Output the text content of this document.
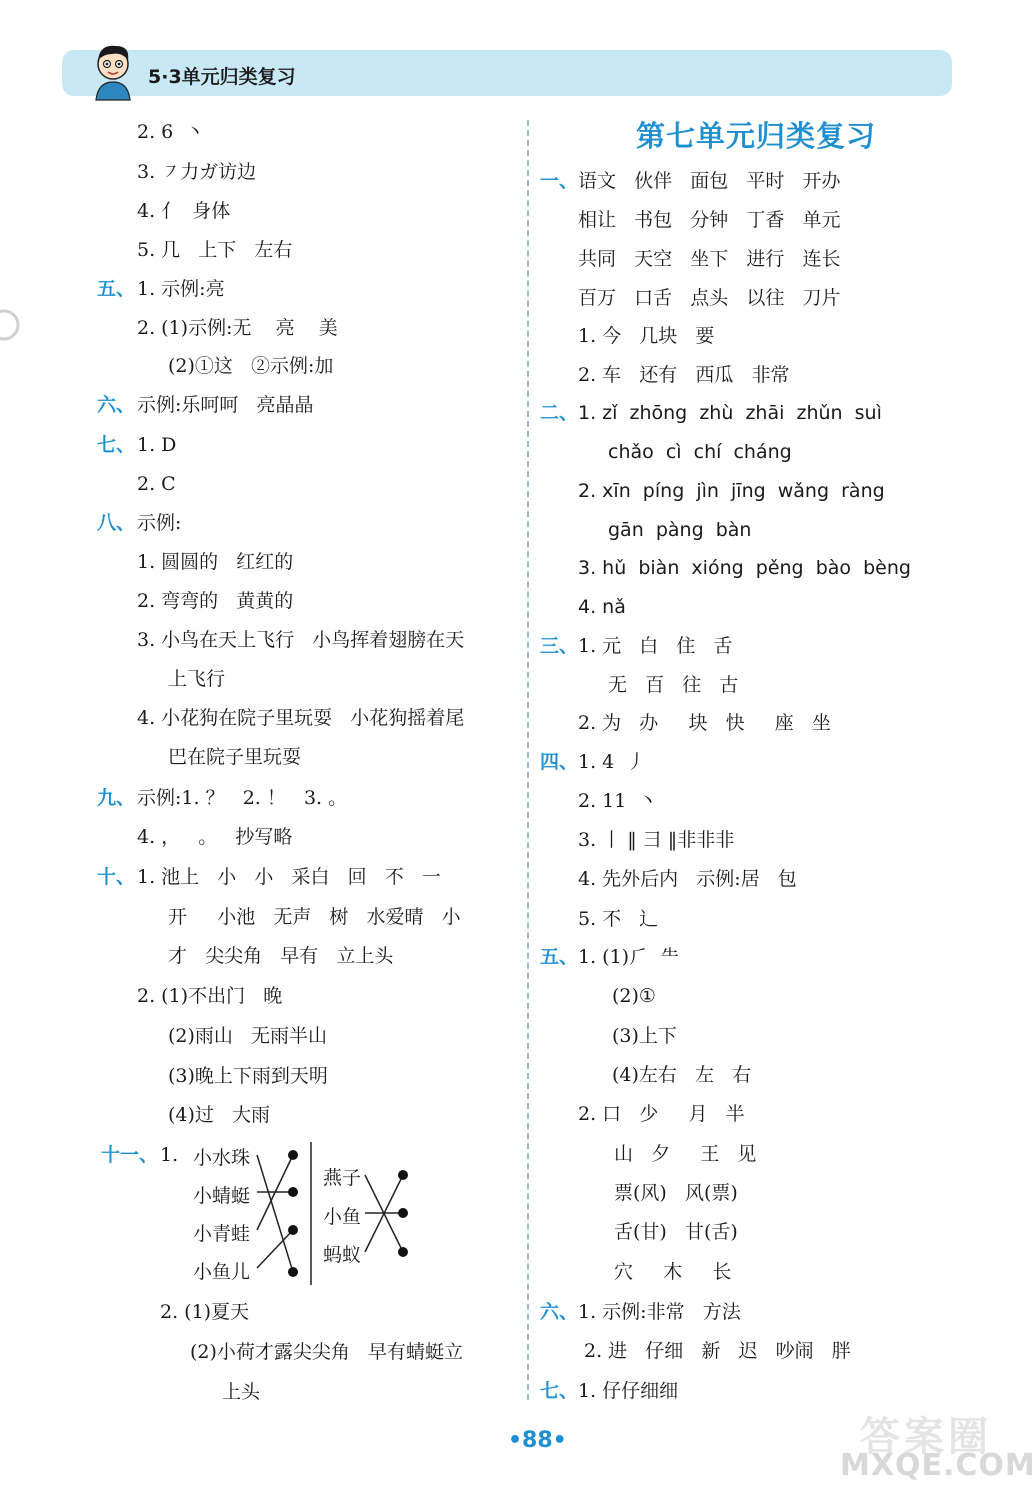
5·3单元归类复习
2. 6  丶
3. ㇇力ガ访边
4. 亻  身体
5. 几   上下   左右
五、 1. 示例:亮
2. (1)示例:无    亮    美
(2)①这   ②示例:加
六、 示例:乐呵呵   亮晶晶
七、 1. D
2. C
八、 示例:
1. 圆圆的   红红的
2. 弯弯的   黄黄的
3. 小鸟在天上飞行   小鸟挥着翅膀在天
上飞行
4. 小花狗在院子里玩耍   小花狗摇着尾
巴在院子里玩耍
九、 示例:1. ？   2. ！   3. 。
4. ，   。   抄写略
十、 1. 池上   小   小   采白   回   不   一
开     小池   无声   树   水爱晴   小
才   尖尖角   早有   立上头
2. (1)不出门   晚
(2)雨山   无雨半山
(3)晚上下雨到天明
(4)过   大雨
十一、 1.
2. (1)夏天
(2)小荷才露尖尖角   早有蜻蜓立
上头
小水珠
小蜻蜓
小青蛙
小鱼儿
燕子
小鱼
蚂蚁
第七单元归类复习
一、 语文   伙伴   面包   平时   开办
相让   书包   分钟   丁香   单元
共同   天空   坐下   进行   连长
百万   口舌   点头   以往   刀片
1. 今   几块   要
2. 车   还有   西瓜   非常
二、 1. zǐ  zhōng  zhù  zhāi  zhǔn  suì
chǎo  cì  chí  cháng
2. xīn  píng  jìn  jīng  wǎng  ràng
gān  pàng  bàn
3. hǔ  biàn  xióng  pěng  bào  bèng
4. nǎ
三、 1. 元   白   住   舌
无   百   往   古
2. 为   办     块   快     座   坐
四、 1. 4  丿
2. 11  丶
3. 丨 ‖ 彐 ‖非非非
4. 先外后内   示例:居   包
5. 不   辶
五、 1. (1)⺁  ⺧
(2)①
(3)上下
(4)左右   左   右
2. 口   少     月   半
山   夕     王   见
票(风)   风(票)
舌(甘)   甘(舌)
穴     木     长
六、 1. 示例:非常   方法
2. 进   仔细   新   迟   吵闹   胖
七、 1. 仔仔细细
•88•	答案圈
MXQE.COM
